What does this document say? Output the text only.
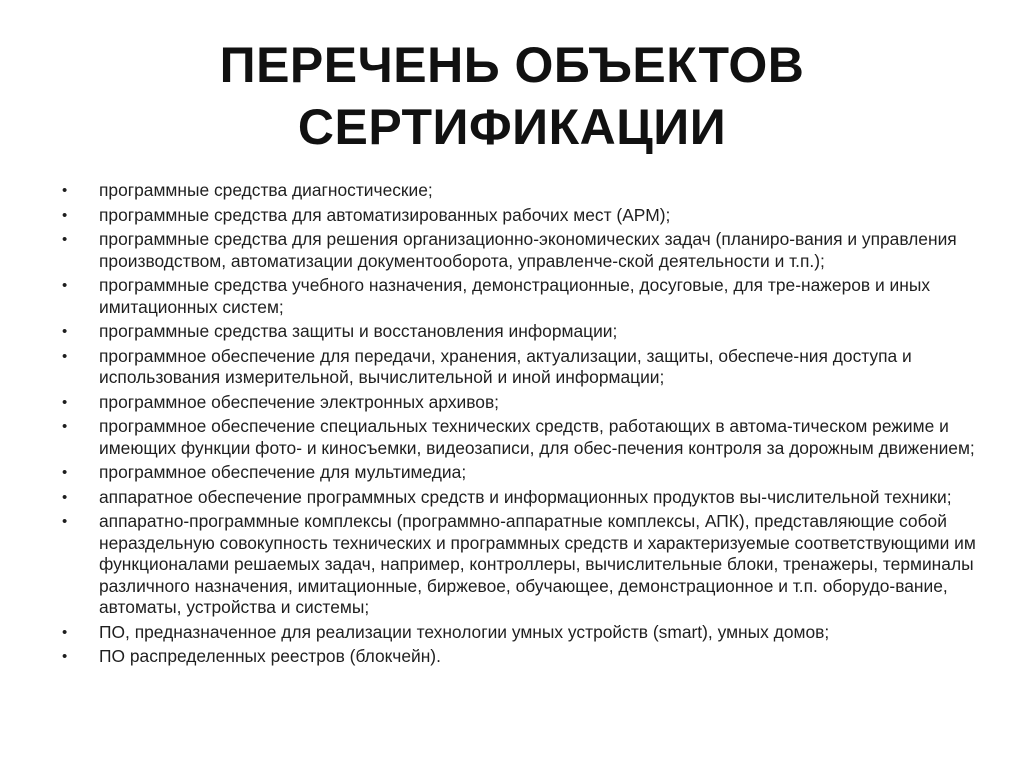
ПЕРЕЧЕНЬ ОБЪЕКТОВ
СЕРТИФИКАЦИИ
•	программные средства диагностические;
•	программные средства для автоматизированных рабочих мест (АРМ);
•	программные средства для решения организационно-экономических задач (планиро-вания и управления производством, автоматизации документооборота, управленче-ской деятельности и т.п.);
•	программные средства учебного назначения, демонстрационные, досуговые, для тре-нажеров и иных имитационных систем;
•	программные средства защиты и восстановления информации;
•	программное обеспечение для передачи, хранения, актуализации, защиты, обеспече-ния доступа и использования измерительной, вычислительной и иной информации;
•	программное обеспечение электронных архивов;
•	программное обеспечение специальных технических средств, работающих в автома-тическом режиме и имеющих функции фото- и киносъемки, видеозаписи, для обес-печения контроля за дорожным движением;
•	программное обеспечение для мультимедиа;
•	аппаратное обеспечение программных средств и информационных продуктов вы-числительной техники;
•	аппаратно-программные комплексы (программно-аппаратные комплексы, АПК), представляющие собой нераздельную совокупность технических и программных средств и характеризуемые соответствующими им функционалами решаемых задач, например, контроллеры, вычислительные блоки, тренажеры, терминалы различного назначения, имитационные, биржевое, обучающее, демонстрационное и т.п. оборудо-вание, автоматы, устройства и системы;
•	ПО, предназначенное для реализации технологии умных устройств (smart), умных домов;
•	ПО распределенных реестров (блокчейн).
